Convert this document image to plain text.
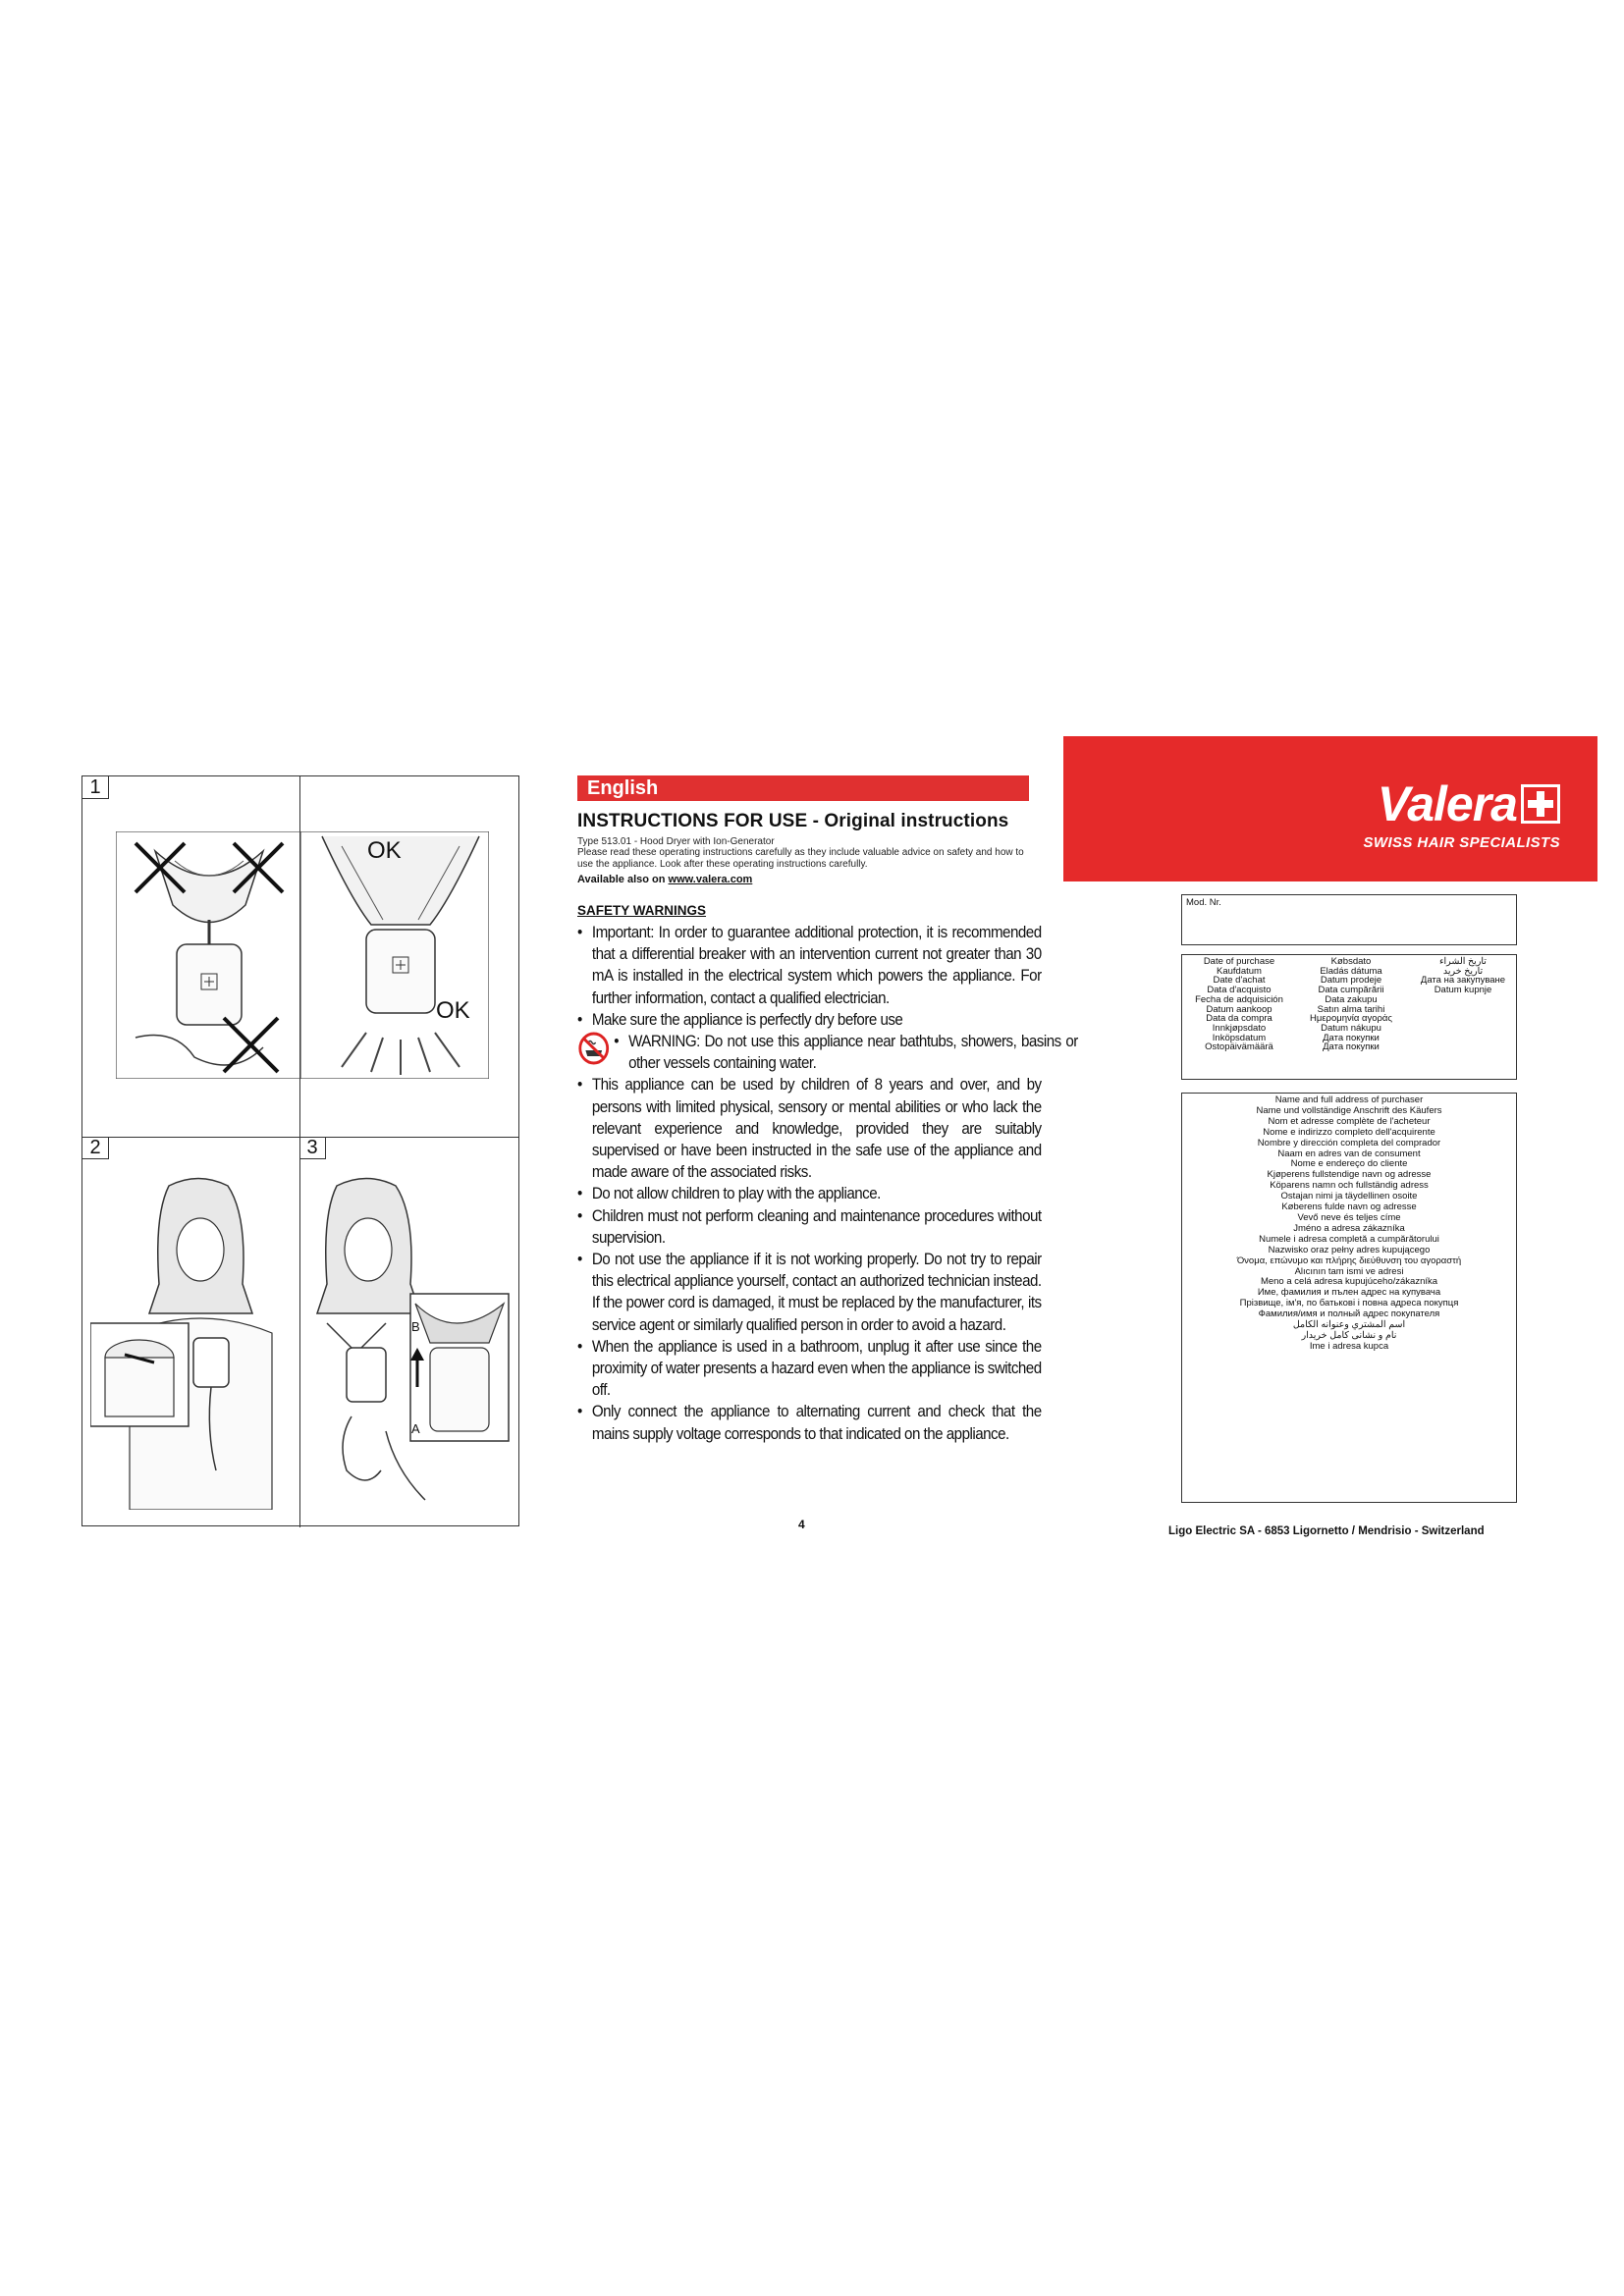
1
OK
OK
2	3
B
A
English
INSTRUCTIONS FOR USE - Original instructions
Type 513.01 - Hood Dryer with Ion-Generator
Please read these operating instructions carefully as they include valuable advice on safety and how to use the appliance. Look after these operating instructions carefully.
Available also on www.valera.com
SAFETY WARNINGS
• Important: In order to guarantee additional protection, it is recommended that a differential breaker with an intervention current not greater than 30 mA is installed in the electrical system which powers the appliance. For further information, contact a qualified electrician.
• Make sure the appliance is perfectly dry before use
• WARNING: Do not use this appliance near bathtubs, showers, basins or other vessels containing water.
• This appliance can be used by children of 8 years and over, and by persons with limited physical, sensory or mental abilities or who lack the relevant experience and knowledge, provided they are suitably supervised or have been instructed in the safe use of the appliance and made aware of the associated risks.
• Do not allow children to play with the appliance.
• Children must not perform cleaning and maintenance procedures without supervision.
• Do not use the appliance if it is not working properly. Do not try to repair this electrical appliance yourself, contact an authorized technician instead. If the power cord is damaged, it must be replaced by the manufacturer, its service agent or similarly qualified person in order to avoid a hazard.
• When the appliance is used in a bathroom, unplug it after use since the proximity of water presents a hazard even when the appliance is switched off.
• Only connect the appliance to alternating current and check that the mains supply voltage corresponds to that indicated on the appliance.
4
Valera
SWISS HAIR SPECIALISTS
Mod. Nr.
Date of purchase
Kaufdatum
Date d'achat
Data d'acquisto
Fecha de adquisición
Datum aankoop
Data da compra
Innkjøpsdato
Inköpsdatum
Ostopäivämäärä
Købsdato
Eladás dátuma
Datum prodeje
Data cumpărării
Data zakupu
Satın alma tarihi
Ημερομηνία αγοράς
Datum nákupu
Дата покупки
Дата покупки
تاريخ الشراء
تاریخ خرید
Дата на закупуване
Datum kupnje
Name and full address of purchaser
Name und vollständige Anschrift des Käufers
Nom et adresse complète de l'acheteur
Nome e indirizzo completo dell'acquirente
Nombre y dirección completa del comprador
Naam en adres van de consument
Nome e endereço do cliente
Kjøperens fullstendige navn og adresse
Köparens namn och fullständig adress
Ostajan nimi ja täydellinen osoite
Køberens fulde navn og adresse
Vevő neve és teljes címe
Jméno a adresa zákazníka
Numele i adresa completă a cumpărătorului
Nazwisko oraz pełny adres kupującego
Όνομα, επώνυμο και πλήρης διεύθυνση του αγοραστή
Alıcının tam ismi ve adresi
Meno a celá adresa kupujúceho/zákazníka
Име, фамилия и пълен адрес на купувача
Прізвище, ім'я, по батькові і повна адреса покупця
Фамилия/имя и полный адрес покупателя
اسم المشتري وعنوانه الكامل
نام و نشانی کامل خریدار
Ime i adresa kupca
Ligo Electric SA - 6853 Ligornetto / Mendrisio - Switzerland
